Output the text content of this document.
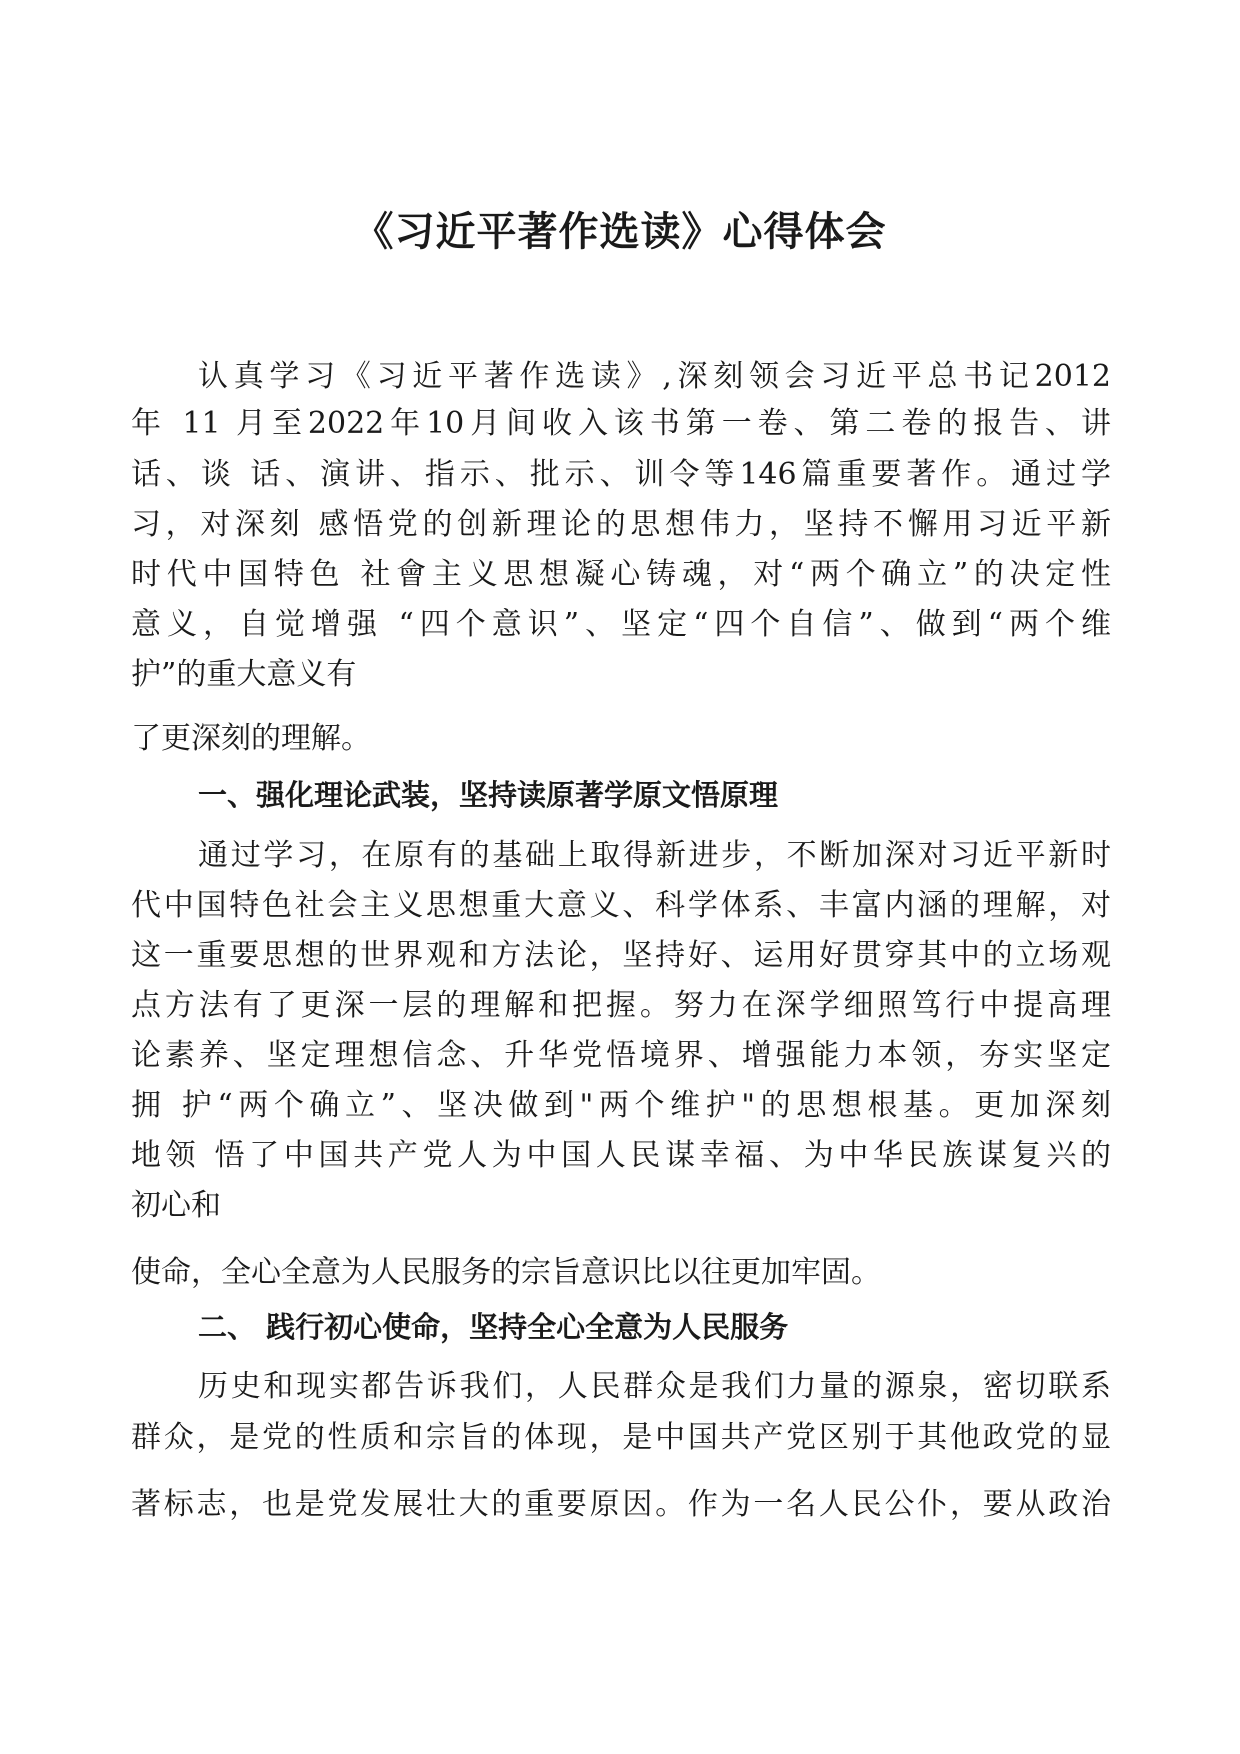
《习近平著作选读》心得体会
认真学习《习近平著作选读》,深刻领会习近平总书记2012
年 11 月至2022年10月间收入该书第一卷、第二卷的报告、讲
话、谈 话、演讲、指示、批示、训令等146篇重要著作。通过学
习，对深刻 感悟党的创新理论的思想伟力，坚持不懈用习近平新
时代中国特色 社會主义思想凝心铸魂，对“两个确立”的决定性
意义，自觉增强 “四个意识”、坚定“四个自信”、做到“两个维
护”的重大意义有
了更深刻的理解。
一、强化理论武装，坚持读原著学原文悟原理
通过学习，在原有的基础上取得新进步，不断加深对习近平新时
代中国特色社会主义思想重大意义、科学体系、丰富内涵的理解，对
这一重要思想的世界观和方法论，坚持好、运用好贯穿其中的立场观
点方法有了更深一层的理解和把握。努力在深学细照笃行中提高理
论素养、坚定理想信念、升华党悟境界、增强能力本领，夯实坚定
拥 护“两个确立”、坚决做到"两个维护"的思想根基。更加深刻
地领 悟了中国共产党人为中国人民谋幸福、为中华民族谋复兴的
初心和
使命，全心全意为人民服务的宗旨意识比以往更加牢固。
二、 践行初心使命，坚持全心全意为人民服务
历史和现实都告诉我们，人民群众是我们力量的源泉，密切联系
群众，是党的性质和宗旨的体现，是中国共产党区别于其他政党的显
著标志，也是党发展壮大的重要原因。作为一名人民公仆，要从政治
